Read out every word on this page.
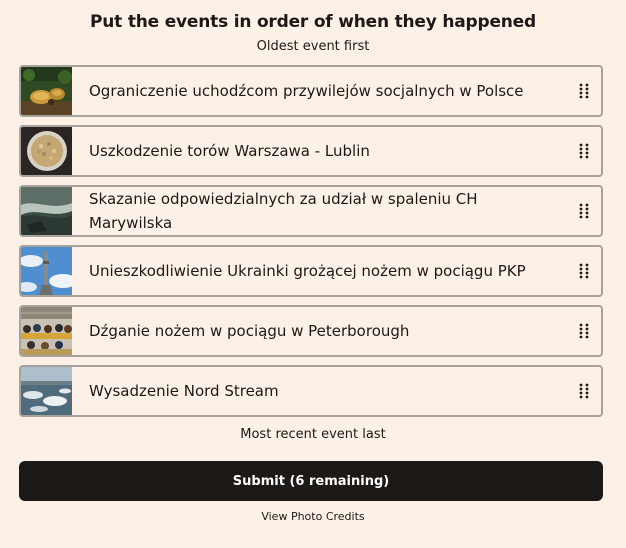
Put the events in order of when they happened
Oldest event first
Ograniczenie uchodźcom przywilejów socjalnych w Polsce
Uszkodzenie torów Warszawa - Lublin
Skazanie odpowiedzialnych za udział w spaleniu CH Marywilska
Unieszkodliwienie Ukrainki grożącej nożem w pociągu PKP
Dźganie nożem w pociągu w Peterborough
Wysadzenie Nord Stream
Most recent event last
Submit (6 remaining)
View Photo Credits
